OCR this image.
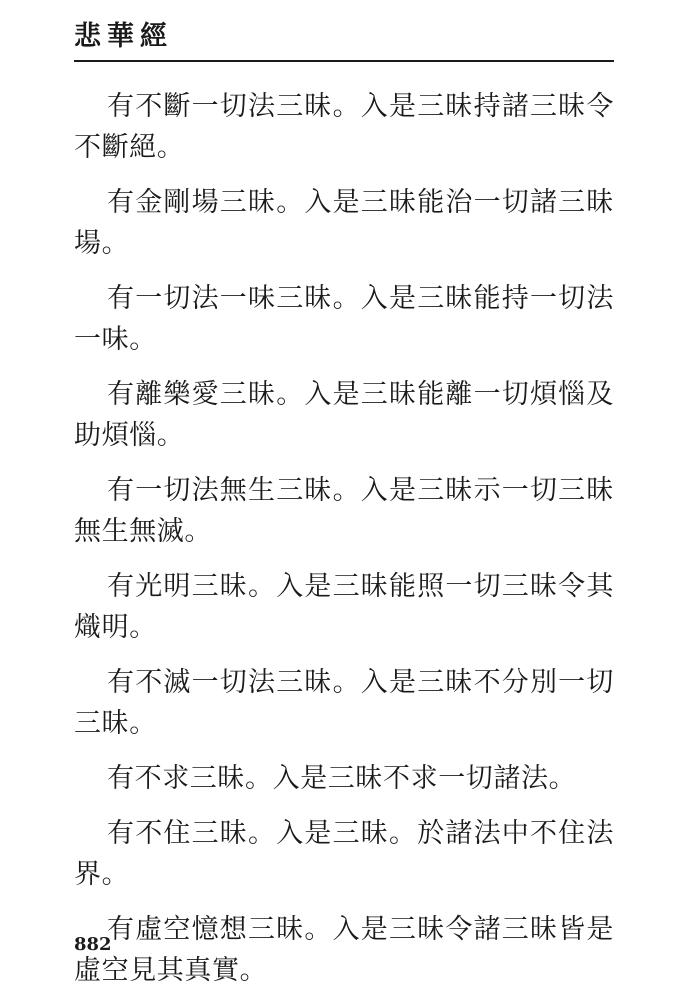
悲華經

有不斷一切法三昧。入是三昧持諸三昧令不斷絕。

有金剛場三昧。入是三昧能治一切諸三昧場。

有一切法一味三昧。入是三昧能持一切法一味。

有離樂愛三昧。入是三昧能離一切煩惱及助煩惱。

有一切法無生三昧。入是三昧示一切三昧無生無滅。

有光明三昧。入是三昧能照一切三昧令其熾明。

有不滅一切法三昧。入是三昧不分別一切三昧。

有不求三昧。入是三昧不求一切諸法。

有不住三昧。入是三昧。於諸法中不住法界。

有虛空憶想三昧。入是三昧令諸三昧皆是虛空見其真實。

882
